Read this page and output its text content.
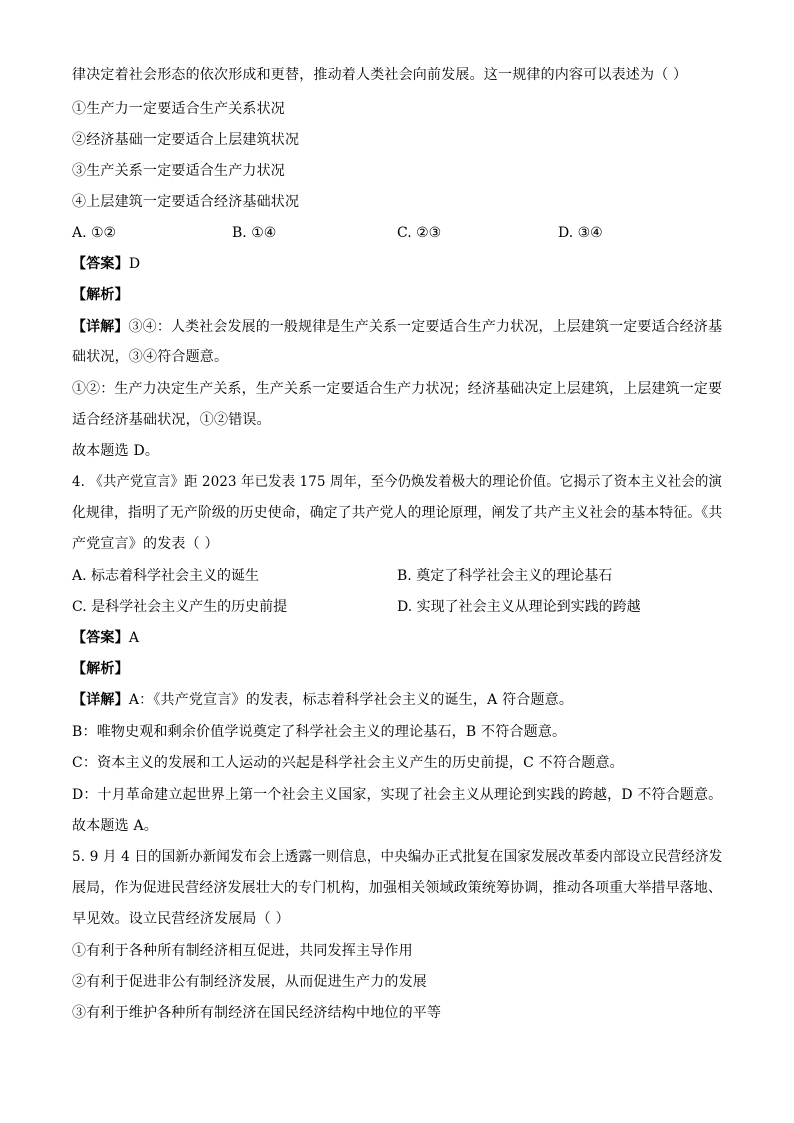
律决定着社会形态的依次形成和更替，推动着人类社会向前发展。这一规律的内容可以表述为（ ）
①生产力一定要适合生产关系状况
②经济基础一定要适合上层建筑状况
③生产关系一定要适合生产力状况
④上层建筑一定要适合经济基础状况
A. ①②	B. ①④	C. ②③	D. ③④
【答案】D
【解析】
【详解】③④：人类社会发展的一般规律是生产关系一定要适合生产力状况，上层建筑一定要适合经济基
础状况，③④符合题意。
①②：生产力决定生产关系，生产关系一定要适合生产力状况；经济基础决定上层建筑，上层建筑一定要
适合经济基础状况，①②错误。
故本题选 D。
4. 《共产党宣言》距 2023 年已发表 175 周年，至今仍焕发着极大的理论价值。它揭示了资本主义社会的演
化规律，指明了无产阶级的历史使命，确定了共产党人的理论原理，阐发了共产主义社会的基本特征。《共
产党宣言》的发表（ ）
A. 标志着科学社会主义的诞生	B. 奠定了科学社会主义的理论基石
C. 是科学社会主义产生的历史前提	D. 实现了社会主义从理论到实践的跨越
【答案】A
【解析】
【详解】A：《共产党宣言》的发表，标志着科学社会主义的诞生，A 符合题意。
B：唯物史观和剩余价值学说奠定了科学社会主义的理论基石，B 不符合题意。
C：资本主义的发展和工人运动的兴起是科学社会主义产生的历史前提，C 不符合题意。
D：十月革命建立起世界上第一个社会主义国家，实现了社会主义从理论到实践的跨越，D 不符合题意。
故本题选 A。
5. 9 月 4 日的国新办新闻发布会上透露一则信息，中央编办正式批复在国家发展改革委内部设立民营经济发
展局，作为促进民营经济发展壮大的专门机构，加强相关领域政策统筹协调，推动各项重大举措早落地、
早见效。设立民营经济发展局（ ）
①有利于各种所有制经济相互促进，共同发挥主导作用
②有利于促进非公有制经济发展，从而促进生产力的发展
③有利于维护各种所有制经济在国民经济结构中地位的平等
